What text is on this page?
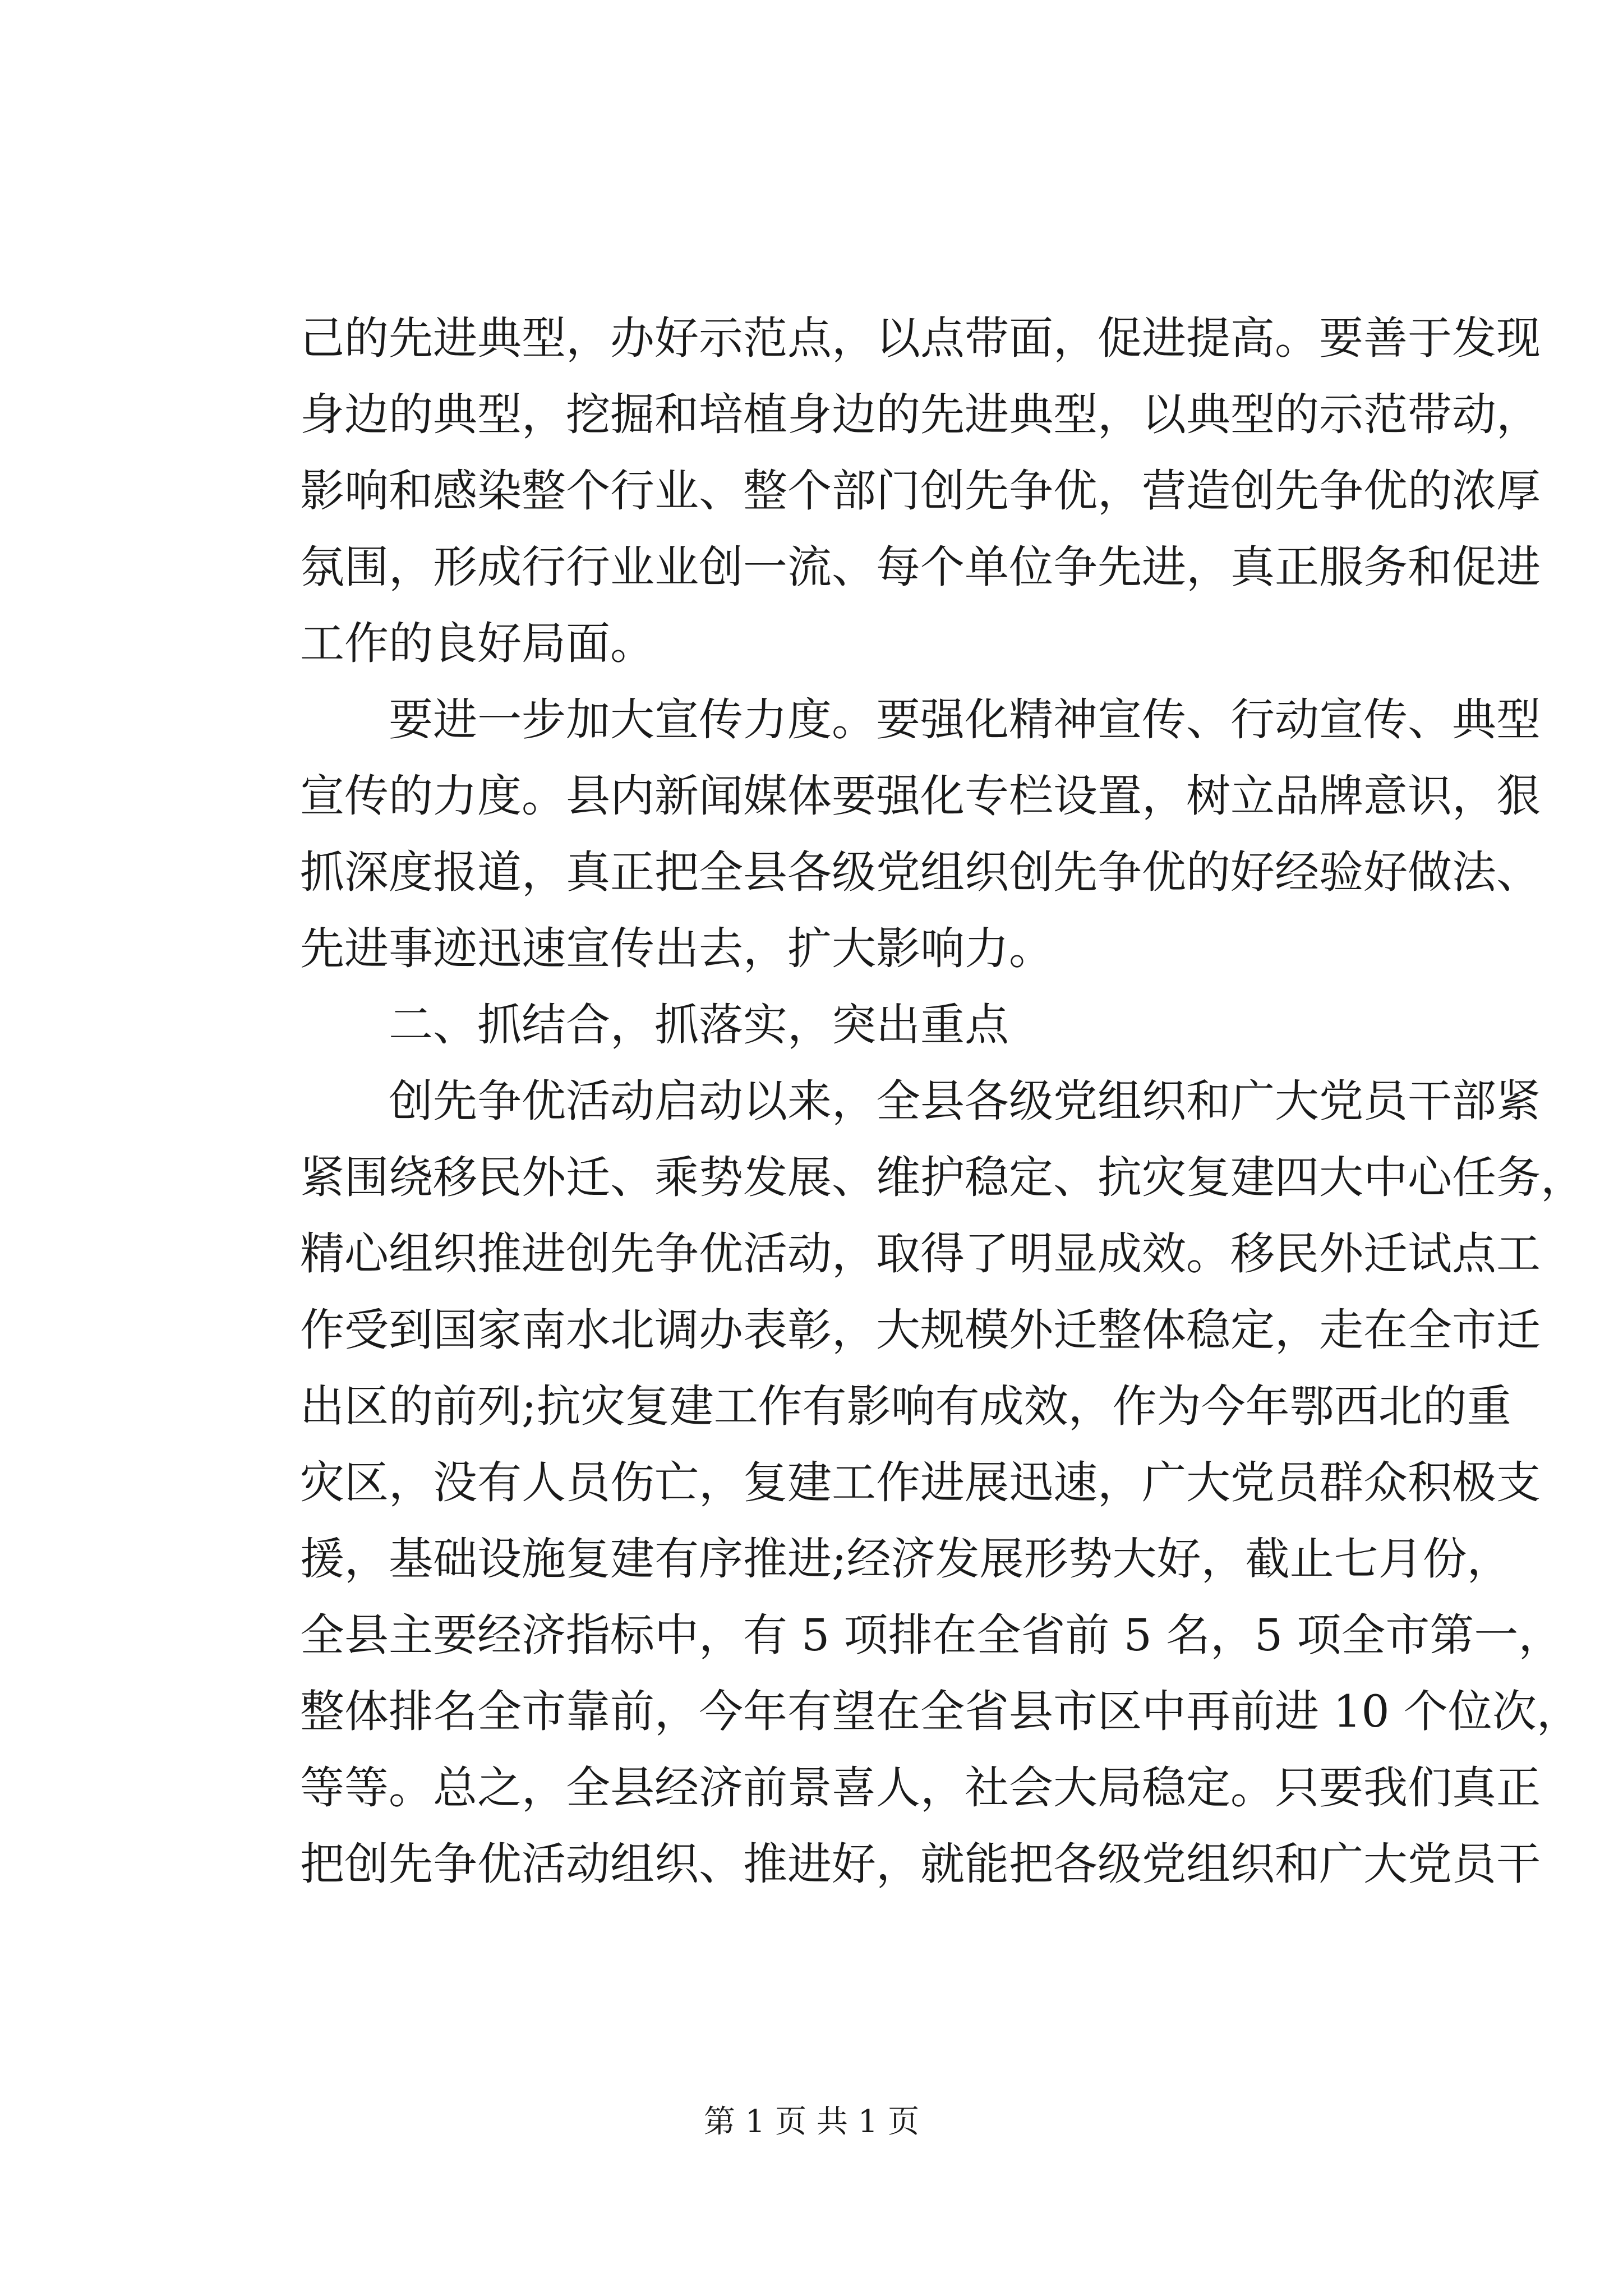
己的先进典型，办好示范点，以点带面，促进提高。要善于发现
身边的典型，挖掘和培植身边的先进典型，以典型的示范带动，
影响和感染整个行业、整个部门创先争优，营造创先争优的浓厚
氛围，形成行行业业创一流、每个单位争先进，真正服务和促进
工作的良好局面。
要进一步加大宣传力度。要强化精神宣传、行动宣传、典型
宣传的力度。县内新闻媒体要强化专栏设置，树立品牌意识，狠
抓深度报道，真正把全县各级党组织创先争优的好经验好做法、
先进事迹迅速宣传出去，扩大影响力。
二、抓结合，抓落实，突出重点
创先争优活动启动以来，全县各级党组织和广大党员干部紧
紧围绕移民外迁、乘势发展、维护稳定、抗灾复建四大中心任务，
精心组织推进创先争优活动，取得了明显成效。移民外迁试点工
作受到国家南水北调办表彰，大规模外迁整体稳定，走在全市迁
出区的前列;抗灾复建工作有影响有成效，作为今年鄂西北的重
灾区，没有人员伤亡，复建工作进展迅速，广大党员群众积极支
援，基础设施复建有序推进;经济发展形势大好，截止七月份，
全县主要经济指标中，有 5 项排在全省前 5 名，5 项全市第一，
整体排名全市靠前，今年有望在全省县市区中再前进 10 个位次，
等等。总之，全县经济前景喜人，社会大局稳定。只要我们真正
把创先争优活动组织、推进好，就能把各级党组织和广大党员干
第 1 页 共 1 页
